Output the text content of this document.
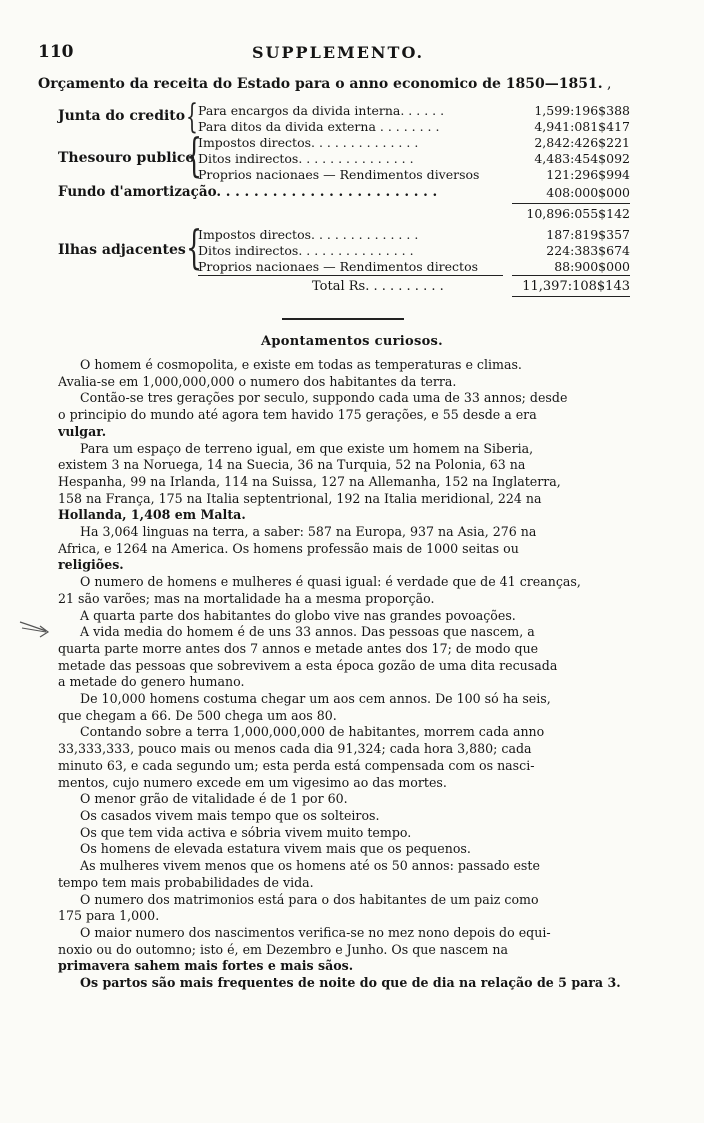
110	SUPPLEMENTO.
Orçamento da receita do Estado para o anno economico de 1850—1851. ,
Junta do credito { Para encargos da divida interna. . . . . .	1,599:196$388
Para ditos da divida externa . . . . . . . .	4,941:081$417
Thesouro publico
{
Impostos directos. . . . . . . . . . . . . .	2,842:426$221
Ditos indirectos. . . . . . . . . . . . . . .	4,483:454$092
Proprios nacionaes — Rendimentos diversos	121:296$994
Fundo d'amortização. . . . . . . . . . . . . . . . . . . . . . . .	408:000$000
10,896:055$142
Ilhas adjacentes {
Impostos directos. . . . . . . . . . . . . .	187:819$357
Ditos indirectos. . . . . . . . . . . . . . .	224:383$674
Proprios nacionaes — Rendimentos directos	88:900$000
Total Rs. . . . . . . . . .	11,397:108$143
Apontamentos curiosos.
O homem é cosmopolita, e existe em todas as temperaturas e climas.
Avalia-se em 1,000,000,000 o numero dos habitantes da terra.
Contão-se tres gerações por seculo, suppondo cada uma de 33 annos; desde
o principio do mundo até agora tem havido 175 gerações, e 55 desde a era
vulgar.
Para um espaço de terreno igual, em que existe um homem na Siberia,
existem 3 na Noruega, 14 na Suecia, 36 na Turquia, 52 na Polonia, 63 na
Hespanha, 99 na Irlanda, 114 na Suissa, 127 na Allemanha, 152 na Inglaterra,
158 na França, 175 na Italia septentrional, 192 na Italia meridional, 224 na
Hollanda, 1,408 em Malta.
Ha 3,064 linguas na terra, a saber: 587 na Europa, 937 na Asia, 276 na
Africa, e 1264 na America. Os homens professão mais de 1000 seitas ou
religiões.
O numero de homens e mulheres é quasi igual: é verdade que de 41 creanças,
21 são varões; mas na mortalidade ha a mesma proporção.
A quarta parte dos habitantes do globo vive nas grandes povoações.
A vida media do homem é de uns 33 annos. Das pessoas que nascem, a
quarta parte morre antes dos 7 annos e metade antes dos 17; de modo que
metade das pessoas que sobrevivem a esta época gozão de uma dita recusada
a metade do genero humano.
De 10,000 homens costuma chegar um aos cem annos. De 100 só ha seis,
que chegam a 66. De 500 chega um aos 80.
Contando sobre a terra 1,000,000,000 de habitantes, morrem cada anno
33,333,333, pouco mais ou menos cada dia 91,324; cada hora 3,880; cada
minuto 63, e cada segundo um; esta perda está compensada com os nasci-
mentos, cujo numero excede em um vigesimo ao das mortes.
O menor grão de vitalidade é de 1 por 60.
Os casados vivem mais tempo que os solteiros.
Os que tem vida activa e sóbria vivem muito tempo.
Os homens de elevada estatura vivem mais que os pequenos.
As mulheres vivem menos que os homens até os 50 annos: passado este
tempo tem mais probabilidades de vida.
O numero dos matrimonios está para o dos habitantes de um paiz como
175 para 1,000.
O maior numero dos nascimentos verifica-se no mez nono depois do equi-
noxio ou do outomno; isto é, em Dezembro e Junho. Os que nascem na
primavera sahem mais fortes e mais sãos.
Os partos são mais frequentes de noite do que de dia na relação de 5 para 3.
